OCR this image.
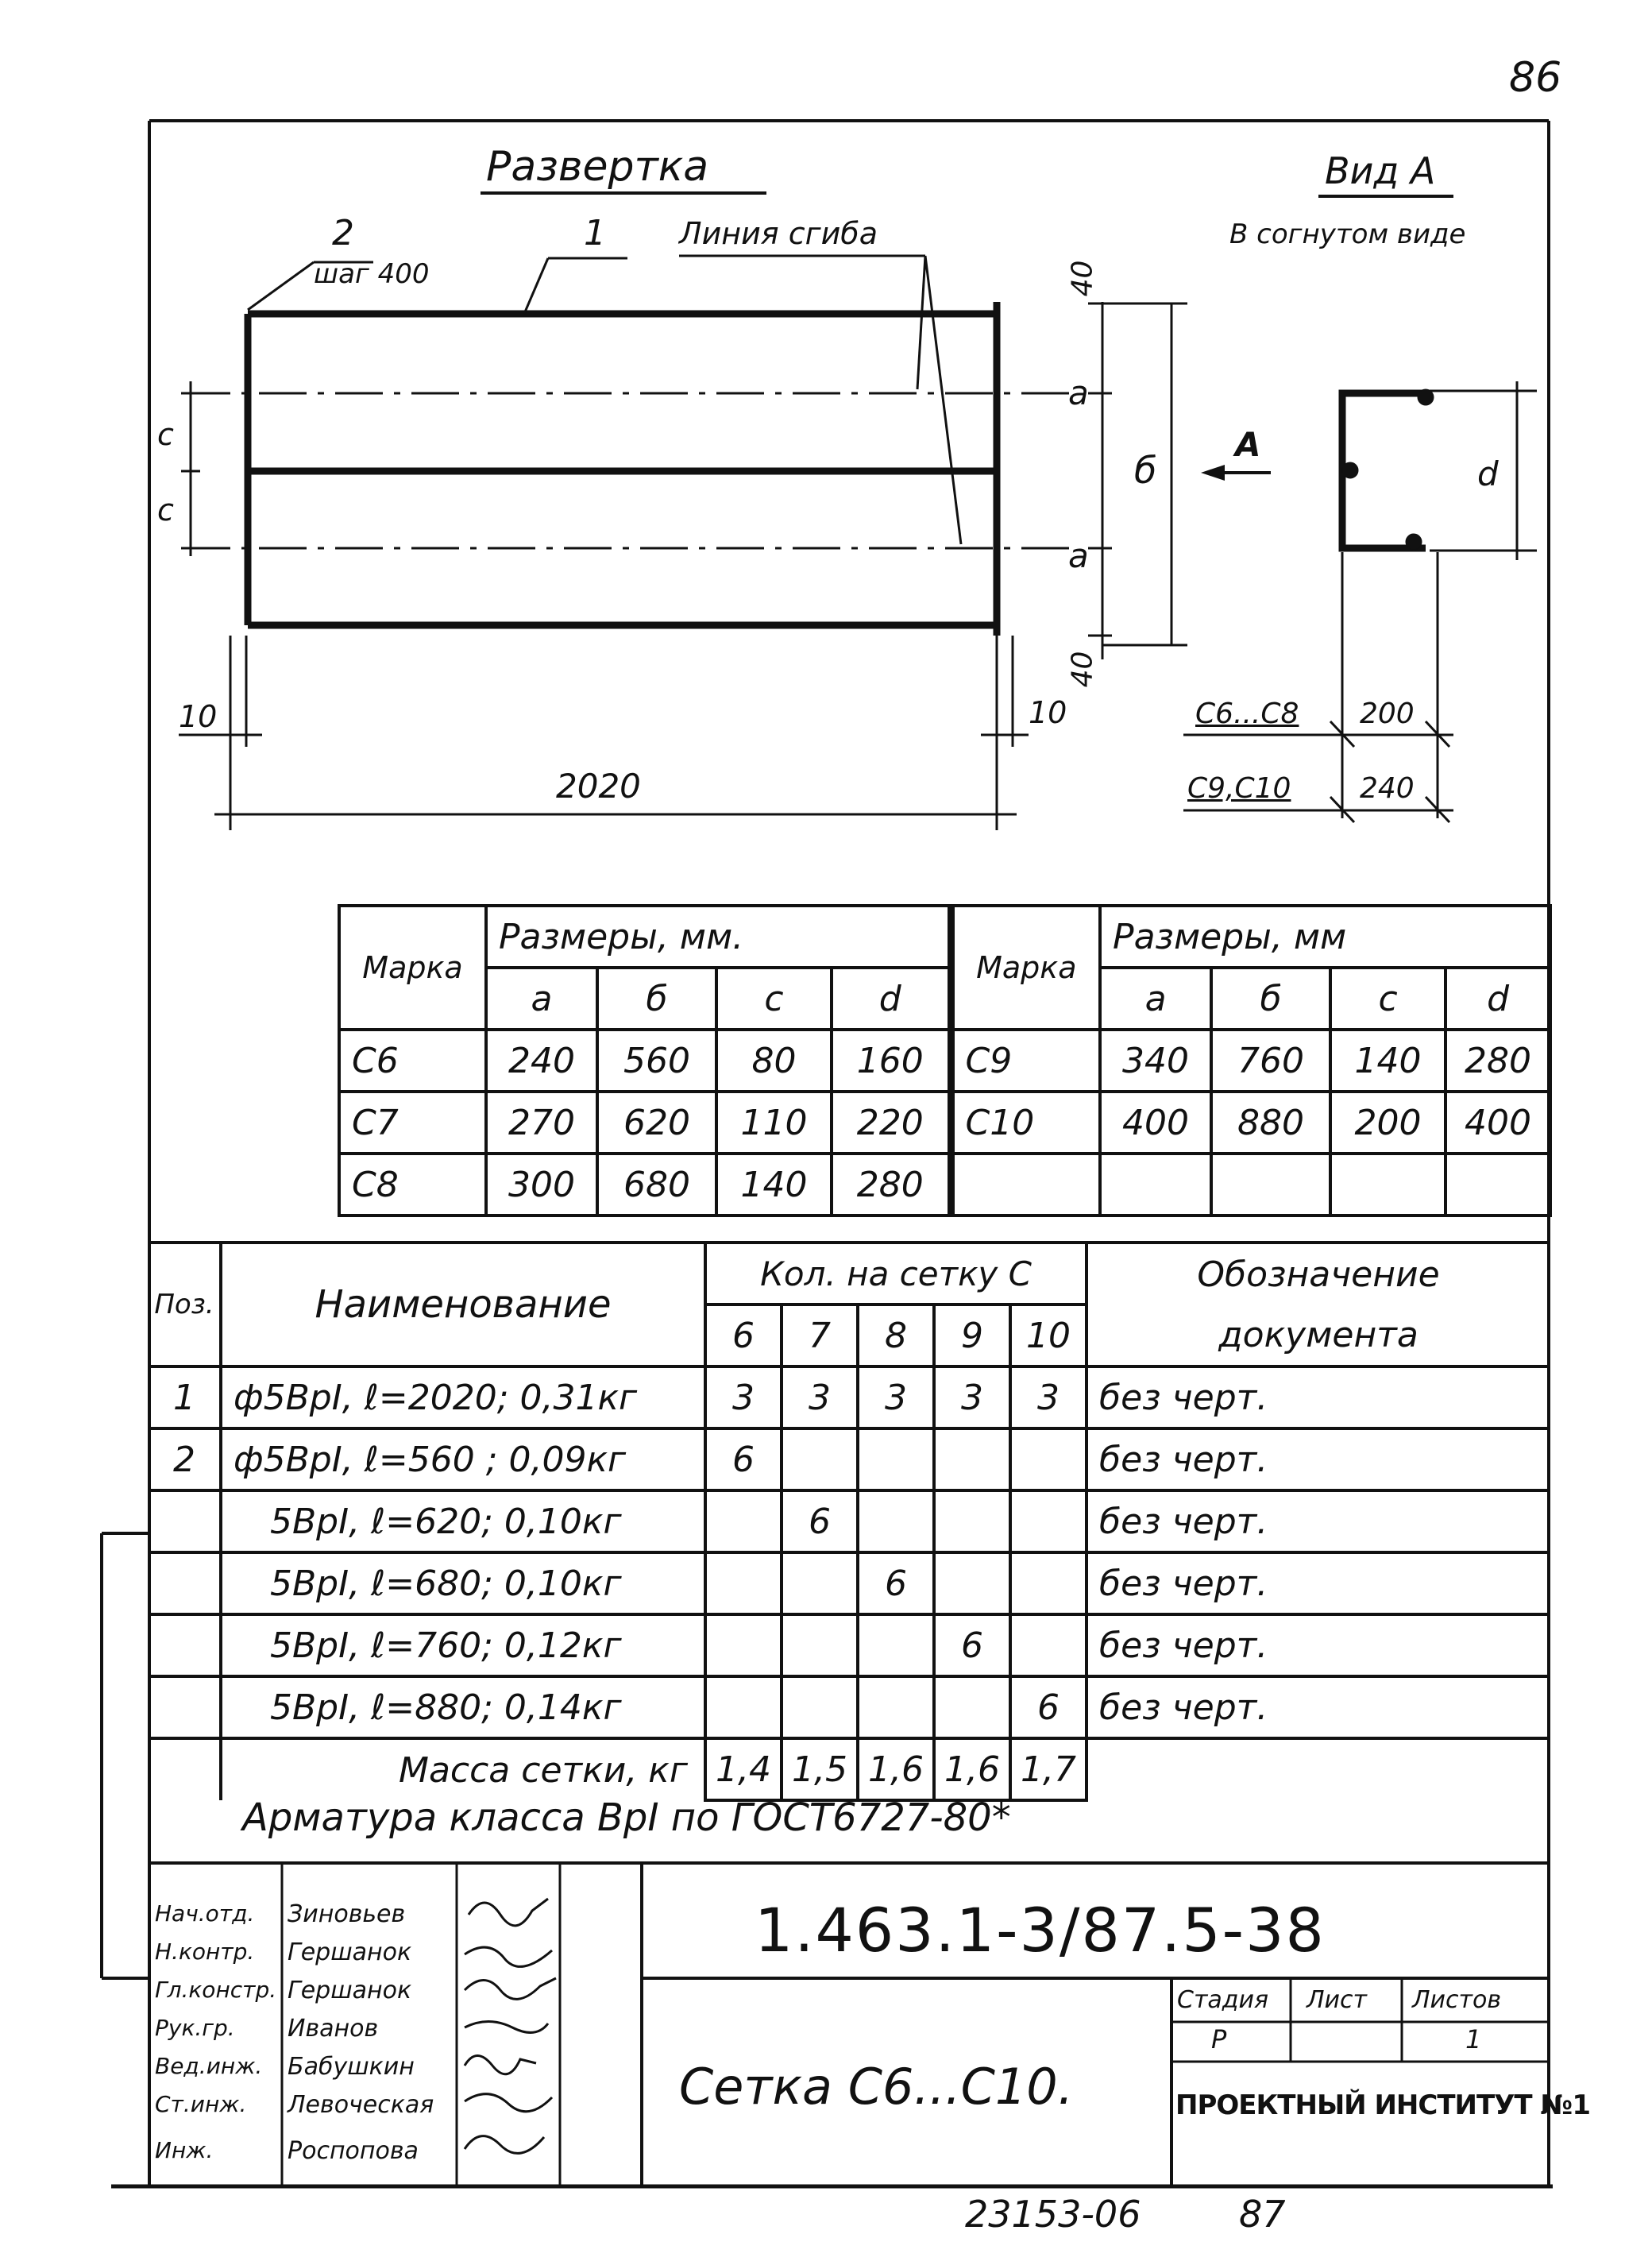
86
Развертка	Вид А
В согнутом виде
2
шаг 400
1 Линия сгиба
40
а
б
а
40
с
с
10	10
2020
А
d
С6...С8 200
С9,С10 240
Марка	Размеры, мм.				Марка	Размеры, мм			
	а	б	с	d		а	б	с	d
С6	240	560	80	160	С9	340	760	140	280
С7	270	620	110	220	С10	400	880	200	400
С8	300	680	140	280					
Поз.	Наименование	Кол. на сетку С					Обозначение
		6	7	8	9	10	документа
1	ф5ВрI, ℓ=2020; 0,31кг	3	3	3	3	3	без черт.
2	ф5ВрI, ℓ=560 ; 0,09кг	6					без черт.
	5ВрI, ℓ=620; 0,10кг		6				без черт.
	5ВрI, ℓ=680; 0,10кг			6			без черт.
	5ВрI, ℓ=760; 0,12кг				6		без черт.
	5ВрI, ℓ=880; 0,14кг					6	без черт.
	Масса сетки, кг	1,4	1,5	1,6	1,6	1,7	
Арматура класса ВрI по ГОСТ6727-80*
Нач.отд. Зиновьев
Н.контр. Гершанок
Гл.констр. Гершанок
Рук.гр. Иванов
Вед.инж. Бабушкин
Ст.инж. Левоческая
Инж.	Роспопова
1.463.1-3/87.5-38
Сетка С6...С10.
Стадия Лист Листов
Р	1
ПРОЕКТНЫЙ ИНСТИТУТ №1
23153-06	87
